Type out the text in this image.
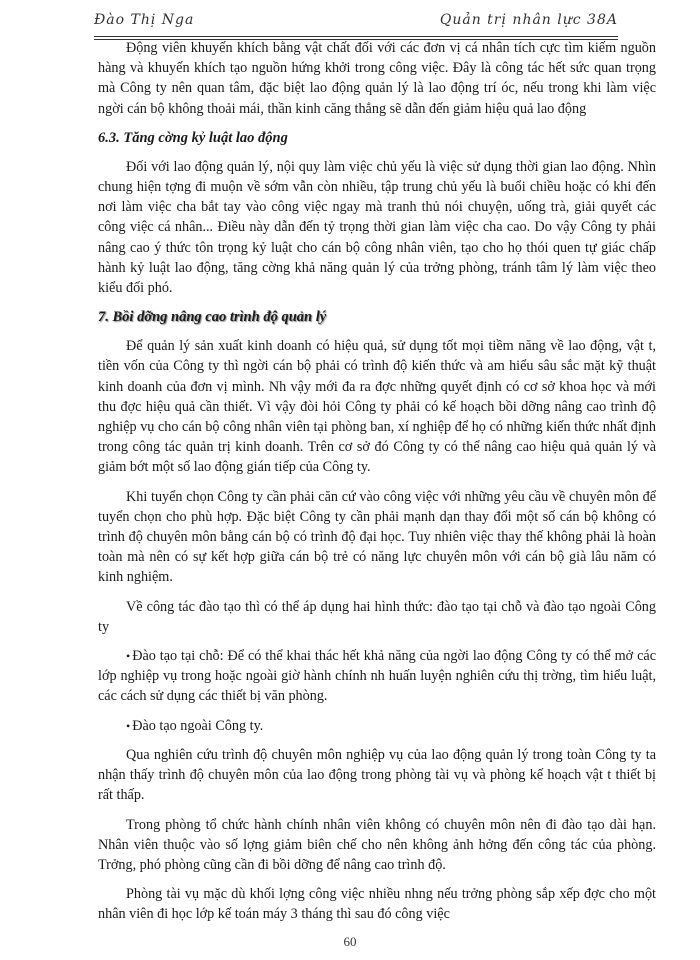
Đào Thị Nga	Quản trị nhân lực 38A

Động viên khuyến khích bằng vật chất đối với các đơn vị cá nhân tích cực tìm kiếm nguồn hàng và khuyến khích tạo nguồn hứng khởi trong công việc. Đây là công tác hết sức quan trọng mà Công ty nên quan tâm, đặc biệt lao động quản lý là lao động trí óc, nếu trong khi làm việc ngời cán bộ không thoải mái, thần kinh căng thẳng sẽ dẫn đến giảm hiệu quả lao động

6.3. Tăng cờng kỷ luật lao động

Đối với lao động quản lý, nội quy làm việc chủ yếu là việc sử dụng thời gian lao động. Nhìn chung hiện tợng đi muộn về sớm vẫn còn nhiều, tập trung chủ yếu là buổi chiều hoặc có khi đến nơi làm việc cha bắt tay vào công việc ngay mà tranh thủ nói chuyện, uống trà, giải quyết các công việc cá nhân... Điều này dẫn đến tỷ trọng thời gian làm việc cha cao. Do vậy Công ty phải nâng cao ý thức tôn trọng kỷ luật cho cán bộ công nhân viên, tạo cho họ thói quen tự giác chấp hành kỷ luật lao động, tăng cờng khả năng quản lý của trởng phòng, tránh tâm lý làm việc theo kiểu đối phó.

7. Bồi dỡng nâng cao trình độ quản lý

Để quản lý sản xuất kinh doanh có hiệu quả, sử dụng tốt mọi tiềm năng về lao động, vật t, tiền vốn của Công ty thì ngời cán bộ phải có trình độ kiến thức và am hiểu sâu sắc mặt kỹ thuật kinh doanh của đơn vị mình. Nh vậy mới đa ra đợc những quyết định có cơ sở khoa học và mới thu đợc hiệu quả cần thiết. Vì vậy đòi hỏi Công ty phải có kế hoạch bồi dỡng nâng cao trình độ nghiệp vụ cho cán bộ công nhân viên tại phòng ban, xí nghiệp để họ có những kiến thức nhất định trong công tác quản trị kinh doanh. Trên cơ sở đó Công ty có thể nâng cao hiệu quả quản lý và giảm bớt một số lao động gián tiếp của Công ty.

Khi tuyển chọn Công ty cần phải căn cứ vào công việc với những yêu cầu về chuyên môn để tuyển chọn cho phù hợp. Đặc biệt Công ty cần phải mạnh dạn thay đổi một số cán bộ không có trình độ chuyên môn bằng cán bộ có trình độ đại học. Tuy nhiên việc thay thế không phải là hoàn toàn mà nên có sự kết hợp giữa cán bộ trẻ có năng lực chuyên môn với cán bộ già lâu năm có kinh nghiệm.

Về công tác đào tạo thì có thể áp dụng hai hình thức: đào tạo tại chỗ và đào tạo ngoài Công ty

• Đào tạo tại chỗ: Để có thể khai thác hết khả năng của ngời lao động Công ty có thể mở các lớp nghiệp vụ trong hoặc ngoài giờ hành chính nh huấn luyện nghiên cứu thị trờng, tìm hiểu luật, các cách sử dụng các thiết bị văn phòng.

• Đào tạo ngoài Công ty.

Qua nghiên cứu trình độ chuyên môn nghiệp vụ của lao động quản lý trong toàn Công ty ta nhận thấy trình độ chuyên môn của lao động trong phòng tài vụ và phòng kế hoạch vật t thiết bị rất thấp.

Trong phòng tổ chức hành chính nhân viên không có chuyên môn nên đi đào tạo dài hạn. Nhân viên thuộc vào số lợng giảm biên chế cho nên không ảnh hởng đến công tác của phòng. Trởng, phó phòng cũng cần đi bồi dỡng để nâng cao trình độ.

Phòng tài vụ mặc dù khối lợng công việc nhiều nhng nếu trởng phòng sắp xếp đợc cho một nhân viên đi học lớp kế toán máy 3 tháng thì sau đó công việc

60
